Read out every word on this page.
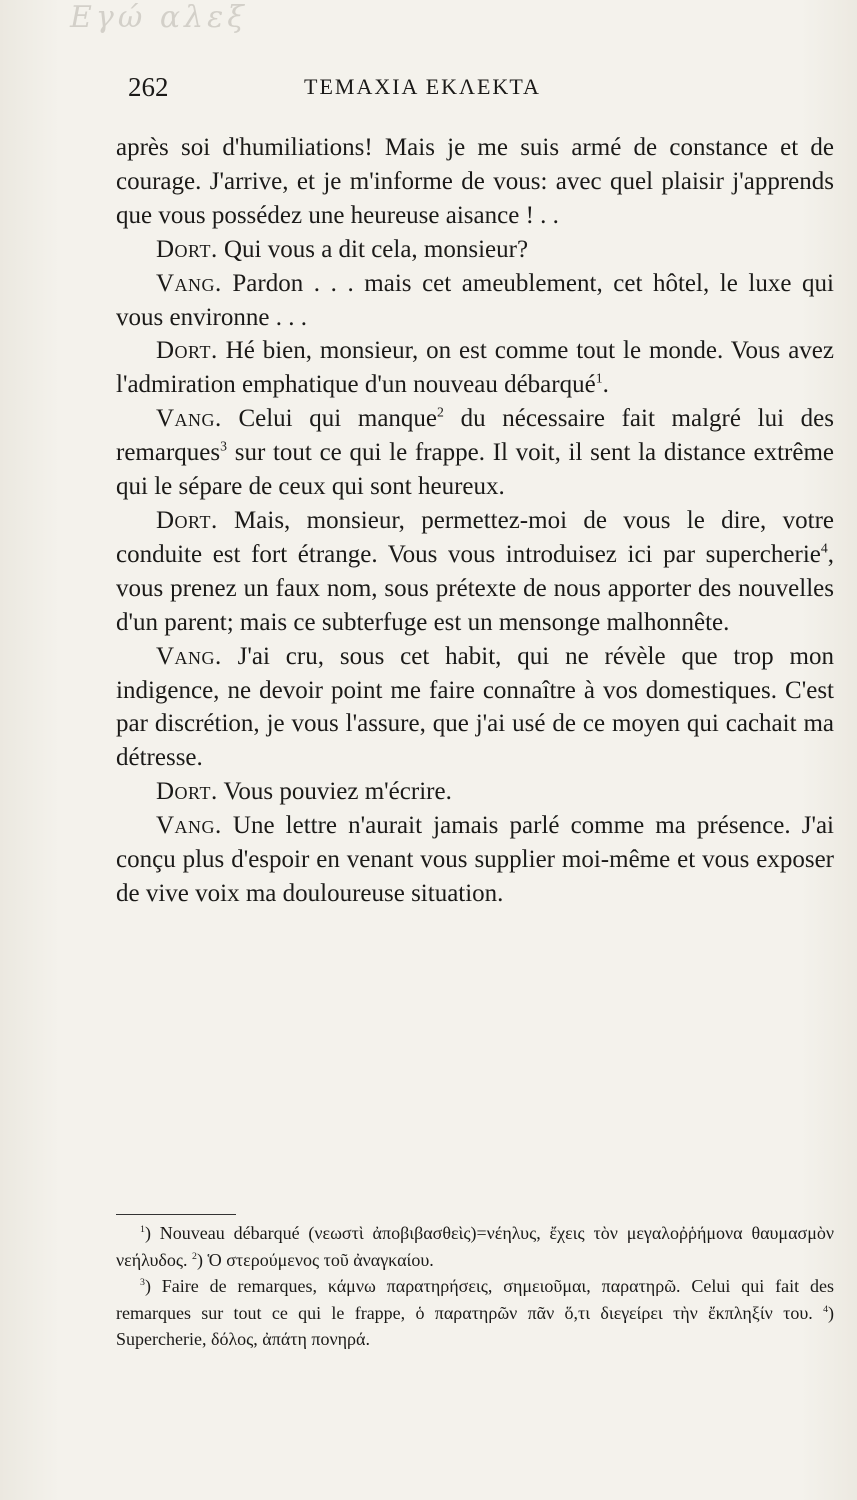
Εγώ αλεξ
262	ΤΕΜΑΧΙΑ ΕΚΛΕΚΤΑ

après soi d'humiliations! Mais je me suis armé de constance et de courage. J'arrive, et je m'informe de vous: avec quel plaisir j'apprends que vous possédez une heureuse aisance ! . .

Dort. Qui vous a dit cela, monsieur?

Vang. Pardon . . . mais cet ameublement, cet hôtel, le luxe qui vous environne . . .

Dort. Hé bien, monsieur, on est comme tout le monde. Vous avez l'admiration emphatique d'un nouveau débarqué$^1$.

Vang. Celui qui manque$^2$ du nécessaire fait malgré lui des remarques$^3$ sur tout ce qui le frappe. Il voit, il sent la distance extrême qui le sépare de ceux qui sont heureux.

Dort. Mais, monsieur, permettez-moi de vous le dire, votre conduite est fort étrange. Vous vous introduisez ici par supercherie$^4$, vous prenez un faux nom, sous prétexte de nous apporter des nouvelles d'un parent; mais ce subterfuge est un mensonge malhonnête.

Vang. J'ai cru, sous cet habit, qui ne révèle que trop mon indigence, ne devoir point me faire connaître à vos domestiques. C'est par discrétion, je vous l'assure, que j'ai usé de ce moyen qui cachait ma détresse.

Dort. Vous pouviez m'écrire.

Vang. Une lettre n'aurait jamais parlé comme ma présence. J'ai conçu plus d'espoir en venant vous supplier moi-même et vous exposer de vive voix ma douloureuse situation.

$^1$) Nouveau débarqué (νεωστὶ ἀποβιβασθεὶς)=νέηλυς, ἔχεις τὸν μεγαλοῤῥήμονα θαυμασμὸν νεήλυδος. $^2$) Ὁ στερούμενος τοῦ ἀναγκαίου.

$^3$) Faire de remarques, κάμνω παρατηρήσεις, σημειοῦμαι, παρατηρῶ. Celui qui fait des remarques sur tout ce qui le frappe, ὁ παρατηρῶν πᾶν ὅ,τι διεγείρει τὴν ἔκπληξίν του. $^4$) Supercherie, δόλος, ἀπάτη πονηρά.
